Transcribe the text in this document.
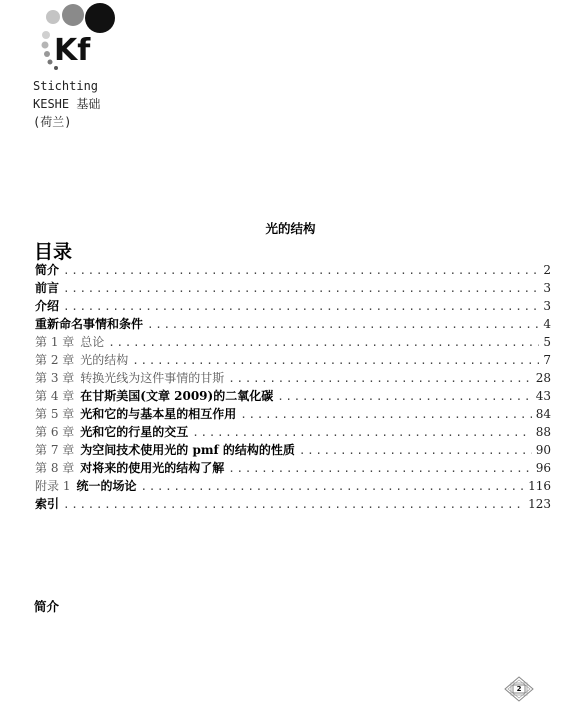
Kf
Stichting
KESHE 基础
(荷兰)
光的结构
目录
简介 .....	2
前言 .....	3
介绍 .....	3
重新命名事情和条件 .....	4
第 1 章 总论 .....	5
第 2 章 光的结构 .....	7
第 3 章 转换光线为这件事情的甘斯 .....	28
第 4 章 在甘斯美国(文章 2009)的二氧化碳 .....	43
第 5 章 光和它的与基本星的相互作用 .....	84
第 6 章 光和它的行星的交互 .....	88
第 7 章 为空间技术使用光的 pmf 的结构的性质 .....	90
第 8 章 对将来的使用光的结构了解 .....	96
附录 1 统一的场论 .....	116
索引 .....	123
简介
2
